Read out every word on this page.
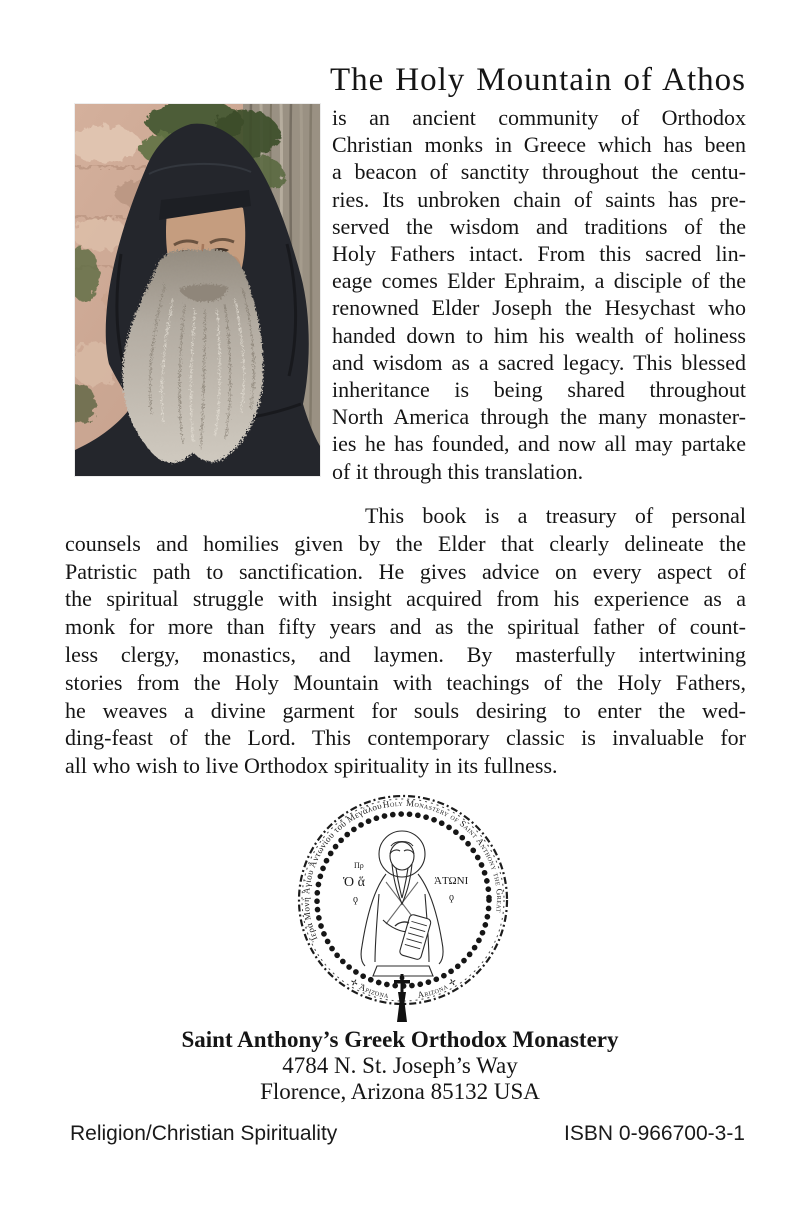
The Holy Mountain of Athos
is an ancient community of Orthodox
Christian monks in Greece which has been
a beacon of sanctity throughout the centu-
ries. Its unbroken chain of saints has pre-
served the wisdom and traditions of the
Holy Fathers intact. From this sacred lin-
eage comes Elder Ephraim, a disciple of the
renowned Elder Joseph the Hesychast who
handed down to him his wealth of holiness
and wisdom as a sacred legacy. This blessed
inheritance is being shared throughout
North America through the many monaster-
ies he has founded, and now all may partake
of it through this translation.
This book is a treasury of personal
counsels and homilies given by the Elder that clearly delineate the
Patristic path to sanctification. He gives advice on every aspect of
the spiritual struggle with insight acquired from his experience as a
monk for more than fifty years and as the spiritual father of count-
less clergy, monastics, and laymen. By masterfully intertwining
stories from the Holy Mountain with teachings of the Holy Fathers,
he weaves a divine garment for souls desiring to enter the wed-
ding-feast of the Lord. This contemporary classic is invaluable for
all who wish to live Orthodox spirituality in its fullness.
Ἱερὰ Μονὴ Ἁγίου Ἀντωνίου τοῦ Μεγάλου Holy Monastery of Saint Anthony the Great
✛ Ἀριζόνα	Arizona ✛
Πρ
Ὁ ἅ
ϙ
ἈΤΩΝΙ
ϙ
Saint Anthony’s Greek Orthodox Monastery
4784 N. St. Joseph’s Way
Florence, Arizona 85132 USA
Religion/Christian Spirituality	ISBN 0-966700-3-1
